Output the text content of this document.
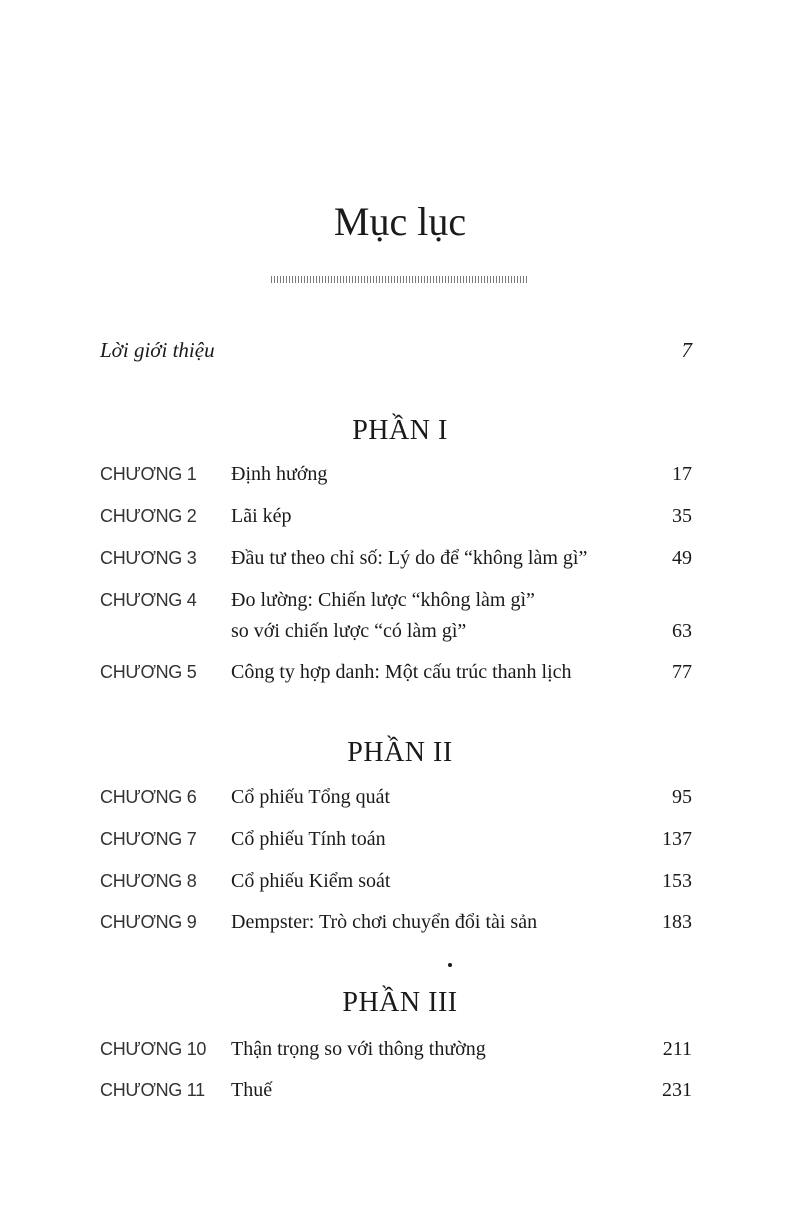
Mục lục
Lời giới thiệu	7
PHẦN I
CHƯƠNG 1 Định hướng	17
CHƯƠNG 2 Lãi kép	35
CHƯƠNG 3 Đầu tư theo chỉ số: Lý do để “không làm gì”	49
CHƯƠNG 4 Đo lường: Chiến lược “không làm gì”
so với chiến lược “có làm gì”	63
CHƯƠNG 5 Công ty hợp danh: Một cấu trúc thanh lịch	77
PHẦN II
CHƯƠNG 6 Cổ phiếu Tổng quát	95
CHƯƠNG 7 Cổ phiếu Tính toán	137
CHƯƠNG 8 Cổ phiếu Kiểm soát	153
CHƯƠNG 9 Dempster: Trò chơi chuyển đổi tài sản	183
PHẦN III
CHƯƠNG 10 Thận trọng so với thông thường	211
CHƯƠNG 11 Thuế	231
